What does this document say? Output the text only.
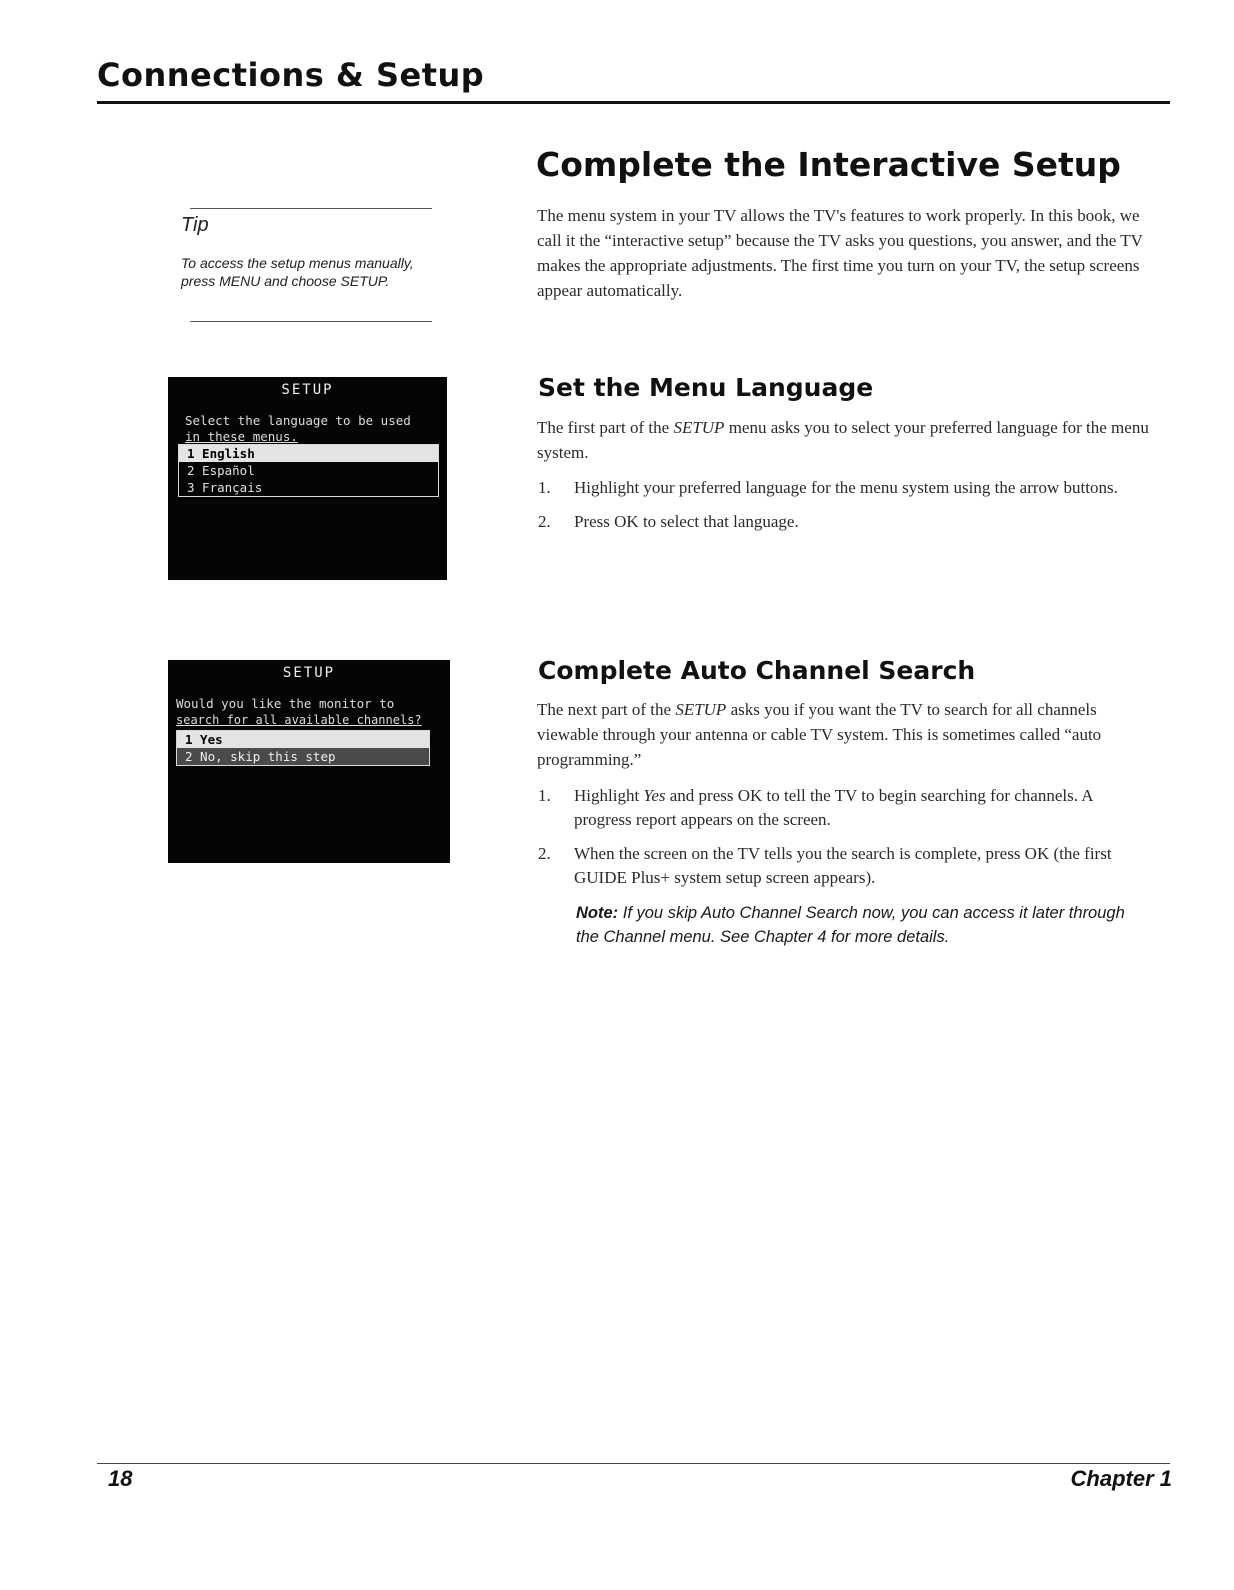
Connections & Setup
Tip
To access the setup menus manually, press MENU and choose SETUP.
Complete the Interactive Setup
The menu system in your TV allows the TV's features to work properly. In this book, we call it the “interactive setup” because the TV asks you questions, you answer, and the TV makes the appropriate adjustments. The first time you turn on your TV, the setup screens appear automatically.
Set the Menu Language
The first part of the SETUP menu asks you to select your preferred language for the menu system.
1. Highlight your preferred language for the menu system using the arrow buttons.
2. Press OK to select that language.
Complete Auto Channel Search
The next part of the SETUP asks you if you want the TV to search for all channels viewable through your antenna or cable TV system. This is sometimes called “auto programming.”
1. Highlight Yes and press OK to tell the TV to begin searching for channels. A progress report appears on the screen.
2. When the screen on the TV tells you the search is complete, press OK (the first GUIDE Plus+ system setup screen appears).
Note: If you skip Auto Channel Search now, you can access it later through the Channel menu. See Chapter 4 for more details.
SETUP
Select the language to be used
in these menus.
1 English
2 Español
3 Français
SETUP
Would you like the monitor to
search for all available channels?
1 Yes
2 No, skip this step
18	Chapter 1
